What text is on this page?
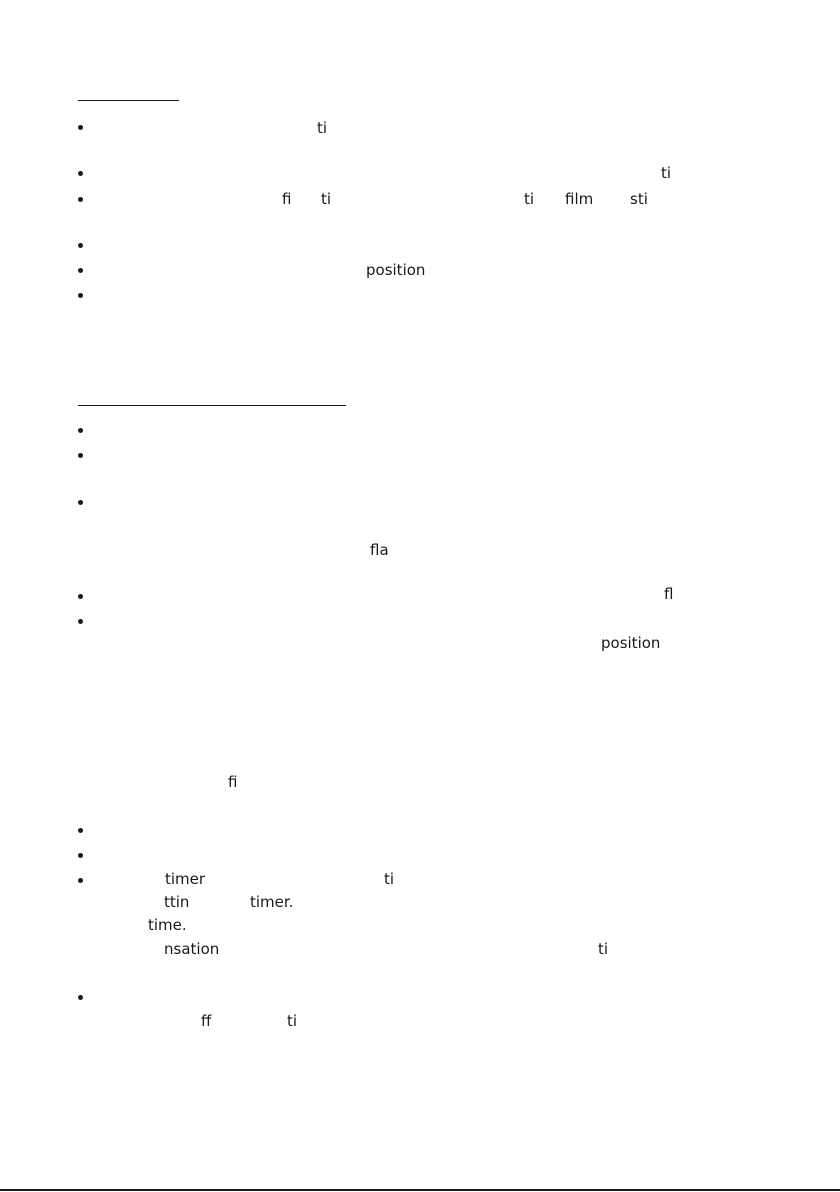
ti
ti
fi ti	ti film sti
position
fla
fl
position
fi
timer	ti
ttin	timer.
time.
nsation	ti
ff	ti
